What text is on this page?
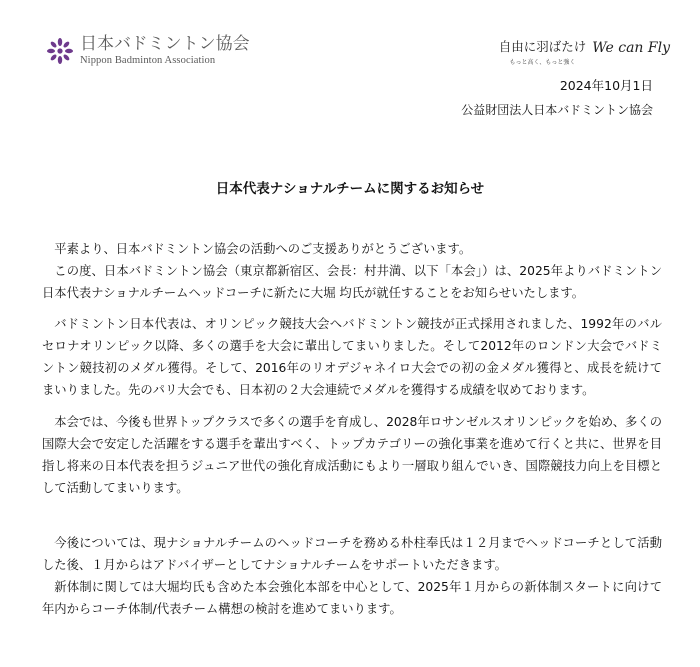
日本バドミントン協会
Nippon Badminton Association
自由に羽ばたけ
もっと高く、もっと強く
We can Fly
2024年10月1日
公益財団法人日本バドミントン協会
日本代表ナショナルチームに関するお知らせ

平素より、日本バドミントン協会の活動へのご支援ありがとうございます。

この度、日本バドミントン協会（東京都新宿区、会長：村井満、以下「本会」）は、2025年よりバドミントン日本代表ナショナルチームヘッドコーチに新たに大堀 均氏が就任することをお知らせいたします。

バドミントン日本代表は、オリンピック競技大会へバドミントン競技が正式採用されました、1992年のバルセロナオリンピック以降、多くの選手を大会に輩出してまいりました。そして2012年のロンドン大会でバドミントン競技初のメダル獲得。そして、2016年のリオデジャネイロ大会での初の金メダル獲得と、成長を続けてまいりました。先のパリ大会でも、日本初の２大会連続でメダルを獲得する成績を収めております。

本会では、今後も世界トップクラスで多くの選手を育成し、2028年ロサンゼルスオリンピックを始め、多くの国際大会で安定した活躍をする選手を輩出すべく、トップカテゴリーの強化事業を進めて行くと共に、世界を目指し将来の日本代表を担うジュニア世代の強化育成活動にもより一層取り組んでいき、国際競技力向上を目標として活動してまいります。

今後については、現ナショナルチームのヘッドコーチを務める朴柱奉氏は１２月までヘッドコーチとして活動した後、１月からはアドバイザーとしてナショナルチームをサポートいただきます。

新体制に関しては大堀均氏も含めた本会強化本部を中心として、2025年１月からの新体制スタートに向けて年内からコーチ体制/代表チーム構想の検討を進めてまいります。
